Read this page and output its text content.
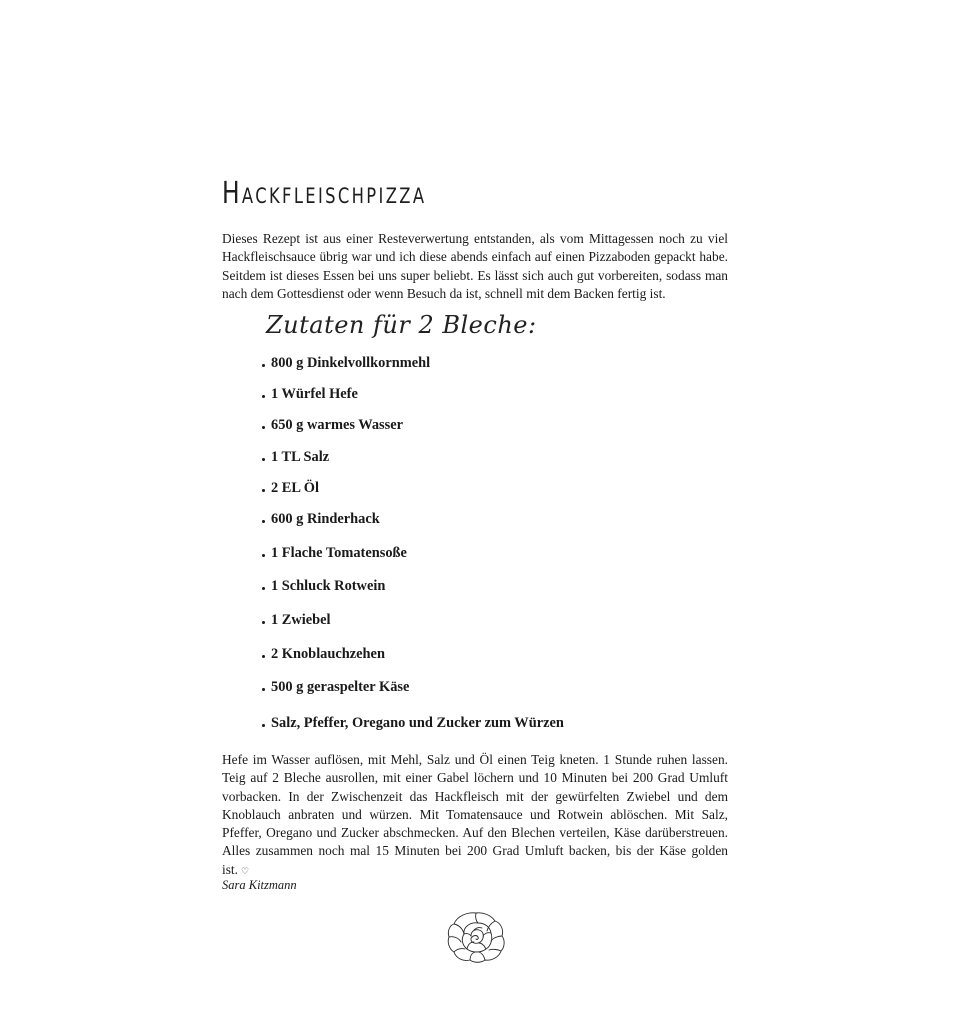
Hackfleischpizza

Dieses Rezept ist aus einer Resteverwertung entstanden, als vom Mittagessen noch zu viel Hackfleischsauce übrig war und ich diese abends einfach auf einen Pizzaboden gepackt habe. Seitdem ist dieses Essen bei uns super beliebt. Es lässt sich auch gut vorbereiten, sodass man nach dem Gottesdienst oder wenn Besuch da ist, schnell mit dem Backen fertig ist.

Zutaten für 2 Bleche:
800 g Dinkelvollkornmehl
1 Würfel Hefe
650 g warmes Wasser
1 TL Salz
2 EL Öl
600 g Rinderhack
1 Flache Tomatensoße
1 Schluck Rotwein
1 Zwiebel
2 Knoblauchzehen
500 g geraspelter Käse
Salz, Pfeffer, Oregano und Zucker zum Würzen

Hefe im Wasser auflösen, mit Mehl, Salz und Öl einen Teig kneten. 1 Stunde ruhen lassen. Teig auf 2 Bleche ausrollen, mit einer Gabel löchern und 10 Minuten bei 200 Grad Umluft vorbacken. In der Zwischenzeit das Hackfleisch mit der gewürfelten Zwiebel und dem Knoblauch anbraten und würzen. Mit Tomatensauce und Rotwein ablöschen. Mit Salz, Pfeffer, Oregano und Zucker abschmecken. Auf den Blechen verteilen, Käse darüberstreuen. Alles zusammen noch mal 15 Minuten bei 200 Grad Umluft backen, bis der Käse golden ist. ♡

Sara Kitzmann
